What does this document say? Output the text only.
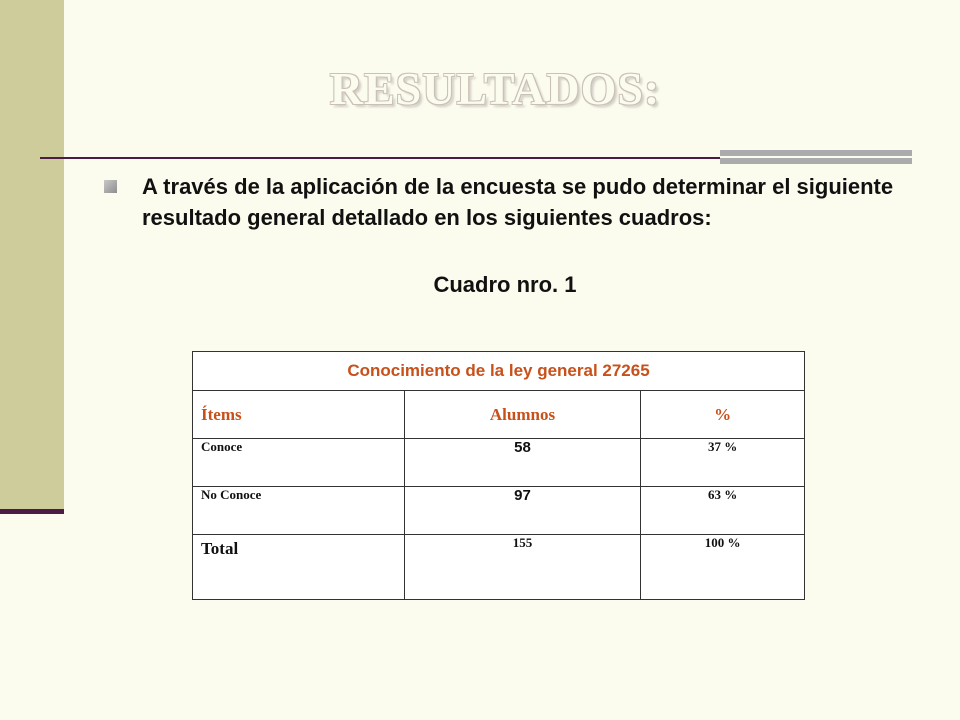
RESULTADOS:

A través de la aplicación de la encuesta se pudo determinar el siguiente resultado general detallado en los siguientes cuadros:

Cuadro nro. 1
Conocimiento de la ley general 27265		
Ítems	Alumnos	%
Conoce	58	37 %
No Conoce	97	63 %
Total	155	100 %
